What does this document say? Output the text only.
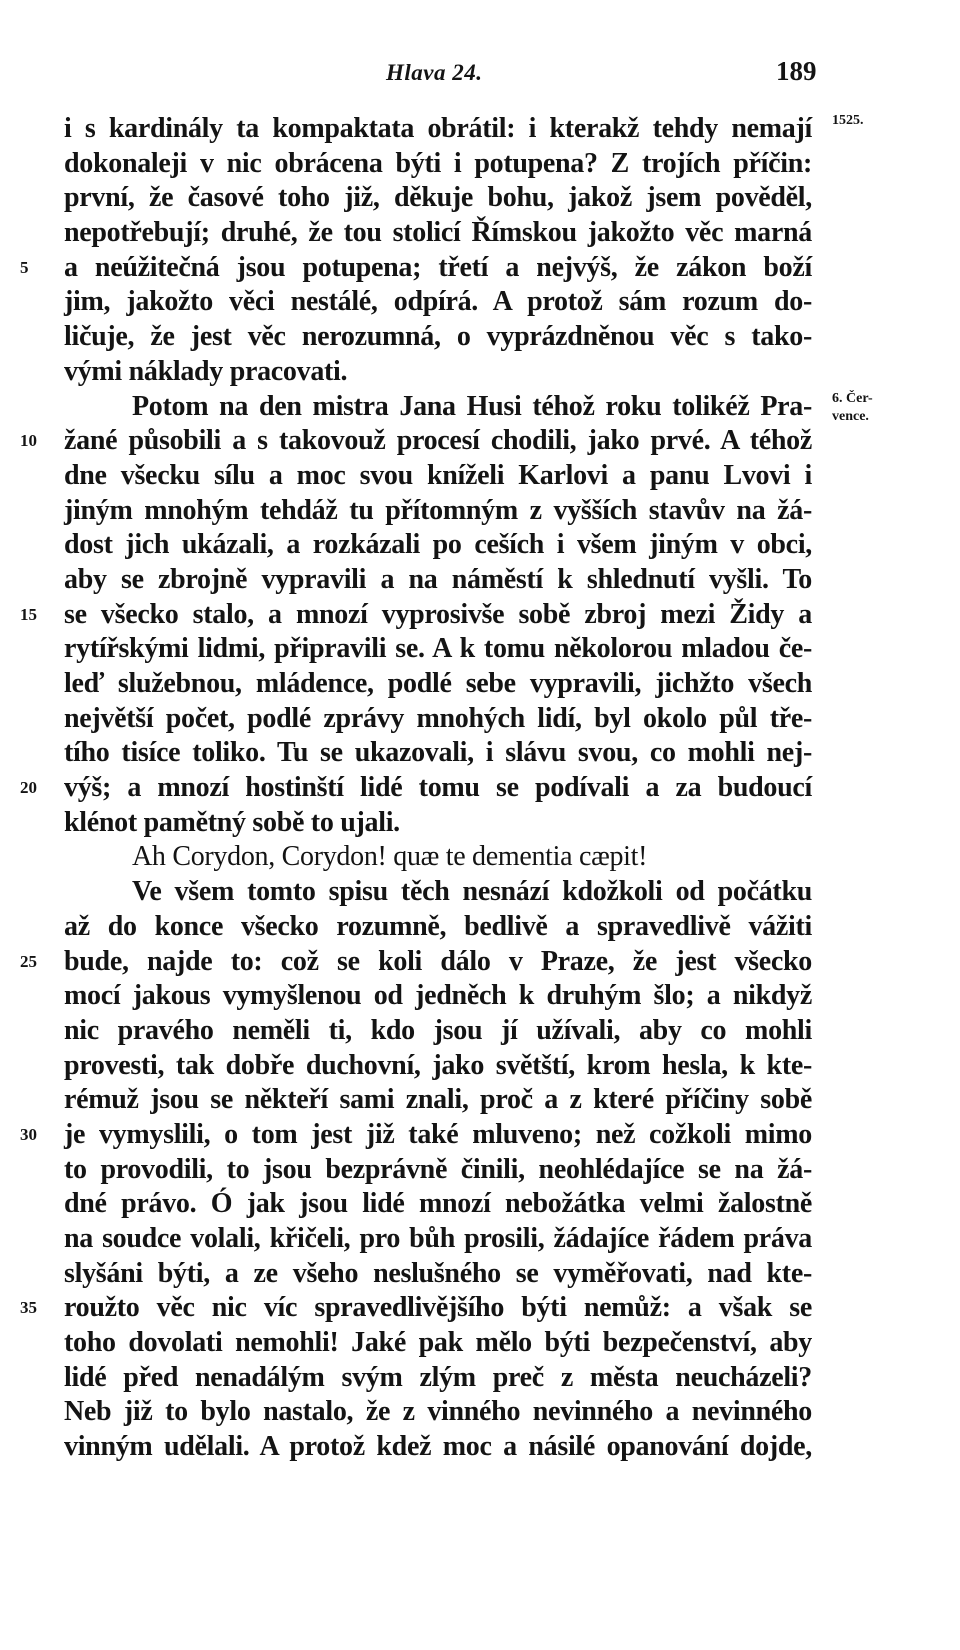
Hlava 24.	189
i s kardinály ta kompaktata obrátil: i kterakž tehdy nemají 1525.
dokonaleji v nic obrácena býti i potupena? Z trojích příčin:
první, že časové toho již, děkuje bohu, jakož jsem pověděl,
nepotřebují; druhé, že tou stolicí Římskou jakožto věc marná
a neúžitečná jsou potupena; třetí a nejvýš, že zákon boží
5
jim, jakožto věci nestálé, odpírá. A protož sám rozum do-
ličuje, že jest věc nerozumná, o vyprázdněnou věc s tako-
vými náklady pracovati.
Potom na den mistra Jana Husi téhož roku tolikéž Pra- 6. Čer-
vence.
žané působili a s takovouž procesí chodili, jako prvé. A téhož
10
dne všecku sílu a moc svou kníželi Karlovi a panu Lvovi i
jiným mnohým tehdáž tu přítomným z vyšších stavův na žá-
dost jich ukázali, a rozkázali po ceších i všem jiným v obci,
aby se zbrojně vypravili a na náměstí k shlednutí vyšli. To
se všecko stalo, a mnozí vyprosivše sobě zbroj mezi Židy a
15
rytířskými lidmi, připravili se. A k tomu několorou mladou če-
leď služebnou, mládence, podlé sebe vypravili, jichžto všech
největší počet, podlé zprávy mnohých lidí, byl okolo půl tře-
tího tisíce toliko. Tu se ukazovali, i slávu svou, co mohli nej-
výš; a mnozí hostinští lidé tomu se podívali a za budoucí
20
klénot pamětný sobě to ujali.
Ah Corydon, Corydon! quæ te dementia cæpit!
Ve všem tomto spisu těch nesnází kdožkoli od počátku
až do konce všecko rozumně, bedlivě a spravedlivě vážiti
bude, najde to: což se koli dálo v Praze, že jest všecko
25
mocí jakous vymyšlenou od jedněch k druhým šlo; a nikdyž
nic pravého neměli ti, kdo jsou jí užívali, aby co mohli
provesti, tak dobře duchovní, jako světští, krom hesla, k kte-
rémuž jsou se někteří sami znali, proč a z které příčiny sobě
je vymyslili, o tom jest již také mluveno; než cožkoli mimo
30
to provodili, to jsou bezprávně činili, neohlédajíce se na žá-
dné právo. Ó jak jsou lidé mnozí nebožátka velmi žalostně
na soudce volali, křičeli, pro bůh prosili, žádajíce řádem práva
slyšáni býti, a ze všeho neslušného se vyměřovati, nad kte-
roužto věc nic víc spravedlivějšího býti nemůž: a však se
35
toho dovolati nemohli! Jaké pak mělo býti bezpečenství, aby
lidé před nenadálým svým zlým preč z města neucházeli?
Neb již to bylo nastalo, že z vinného nevinného a nevinného
vinným udělali. A protož kdež moc a násilé opanování dojde,
